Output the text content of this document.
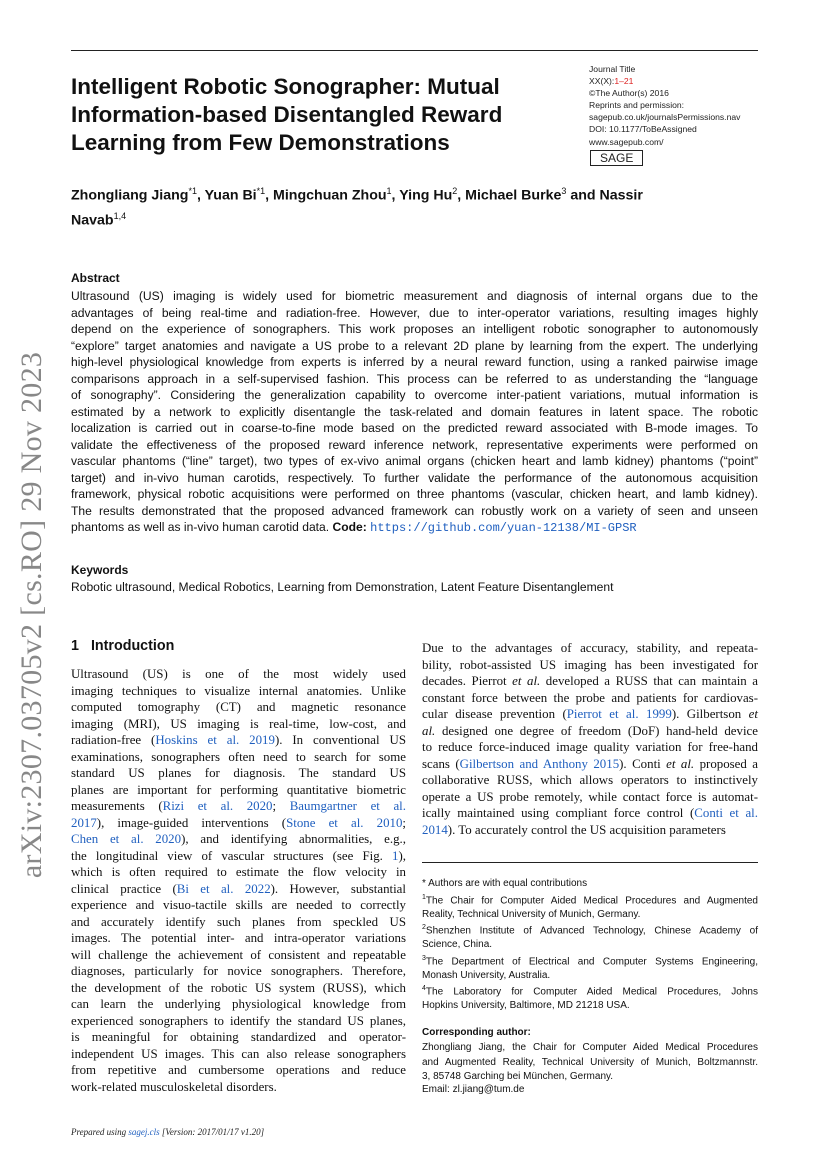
arXiv:2307.03705v2 [cs.RO] 29 Nov 2023
Intelligent Robotic Sonographer: Mutual
Information-based Disentangled Reward
Learning from Few Demonstrations
Journal Title
XX(X):1–21
©The Author(s) 2016
Reprints and permission:
sagepub.co.uk/journalsPermissions.nav
DOI: 10.1177/ToBeAssigned
www.sagepub.com/
SAGE
Zhongliang Jiang$^{*1}$, Yuan Bi$^{*1}$, Mingchuan Zhou$^1$, Ying Hu$^2$, Michael Burke$^3$ and Nassir
Navab$^{1,4}$
Abstract
Ultrasound (US) imaging is widely used for biometric measurement and diagnosis of internal organs due to the
advantages of being real-time and radiation-free. However, due to inter-operator variations, resulting images highly
depend on the experience of sonographers. This work proposes an intelligent robotic sonographer to autonomously
“explore” target anatomies and navigate a US probe to a relevant 2D plane by learning from the expert. The underlying
high-level physiological knowledge from experts is inferred by a neural reward function, using a ranked pairwise image
comparisons approach in a self-supervised fashion. This process can be referred to as understanding the “language
of sonography”. Considering the generalization capability to overcome inter-patient variations, mutual information is
estimated by a network to explicitly disentangle the task-related and domain features in latent space. The robotic
localization is carried out in coarse-to-fine mode based on the predicted reward associated with B-mode images. To
validate the effectiveness of the proposed reward inference network, representative experiments were performed on
vascular phantoms (“line” target), two types of ex-vivo animal organs (chicken heart and lamb kidney) phantoms (“point”
target) and in-vivo human carotids, respectively. To further validate the performance of the autonomous acquisition
framework, physical robotic acquisitions were performed on three phantoms (vascular, chicken heart, and lamb kidney).
The results demonstrated that the proposed advanced framework can robustly work on a variety of seen and unseen
phantoms as well as in-vivo human carotid data. Code: https://github.com/yuan-12138/MI-GPSR
Keywords
Robotic ultrasound, Medical Robotics, Learning from Demonstration, Latent Feature Disentanglement
1 Introduction
Ultrasound (US) is one of the most widely used
imaging techniques to visualize internal anatomies. Unlike
computed tomography (CT) and magnetic resonance
imaging (MRI), US imaging is real-time, low-cost, and
radiation-free (Hoskins et al. 2019). In conventional US
examinations, sonographers often need to search for some
standard US planes for diagnosis. The standard US
planes are important for performing quantitative biometric
measurements (Rizi et al. 2020; Baumgartner et al.
2017), image-guided interventions (Stone et al. 2010;
Chen et al. 2020), and identifying abnormalities, e.g.,
the longitudinal view of vascular structures (see Fig. 1),
which is often required to estimate the flow velocity in
clinical practice (Bi et al. 2022). However, substantial
experience and visuo-tactile skills are needed to correctly
and accurately identify such planes from speckled US
images. The potential inter- and intra-operator variations
will challenge the achievement of consistent and repeatable
diagnoses, particularly for novice sonographers. Therefore,
the development of the robotic US system (RUSS), which
can learn the underlying physiological knowledge from
experienced sonographers to identify the standard US planes,
is meaningful for obtaining standardized and operator-
independent US images. This can also release sonographers
from repetitive and cumbersome operations and reduce
work-related musculoskeletal disorders.
Due to the advantages of accuracy, stability, and repeata-
bility, robot-assisted US imaging has been investigated for
decades. Pierrot et al. developed a RUSS that can maintain a
constant force between the probe and patients for cardiovas-
cular disease prevention (Pierrot et al. 1999). Gilbertson et
al. designed one degree of freedom (DoF) hand-held device
to reduce force-induced image quality variation for free-hand
scans (Gilbertson and Anthony 2015). Conti et al. proposed a
collaborative RUSS, which allows operators to instinctively
operate a US probe remotely, while contact force is automat-
ically maintained using compliant force control (Conti et al.
2014). To accurately control the US acquisition parameters
* Authors are with equal contributions
$^1$The Chair for Computer Aided Medical Procedures and Augmented
Reality, Technical University of Munich, Germany.
$^2$Shenzhen Institute of Advanced Technology, Chinese Academy of
Science, China.
$^3$The Department of Electrical and Computer Systems Engineering,
Monash University, Australia.
$^4$The Laboratory for Computer Aided Medical Procedures, Johns
Hopkins University, Baltimore, MD 21218 USA.
Corresponding author:
Zhongliang Jiang, the Chair for Computer Aided Medical Procedures
and Augmented Reality, Technical University of Munich, Boltzmannstr.
3, 85748 Garching bei München, Germany.
Email: zl.jiang@tum.de
Prepared using sagej.cls [Version: 2017/01/17 v1.20]
